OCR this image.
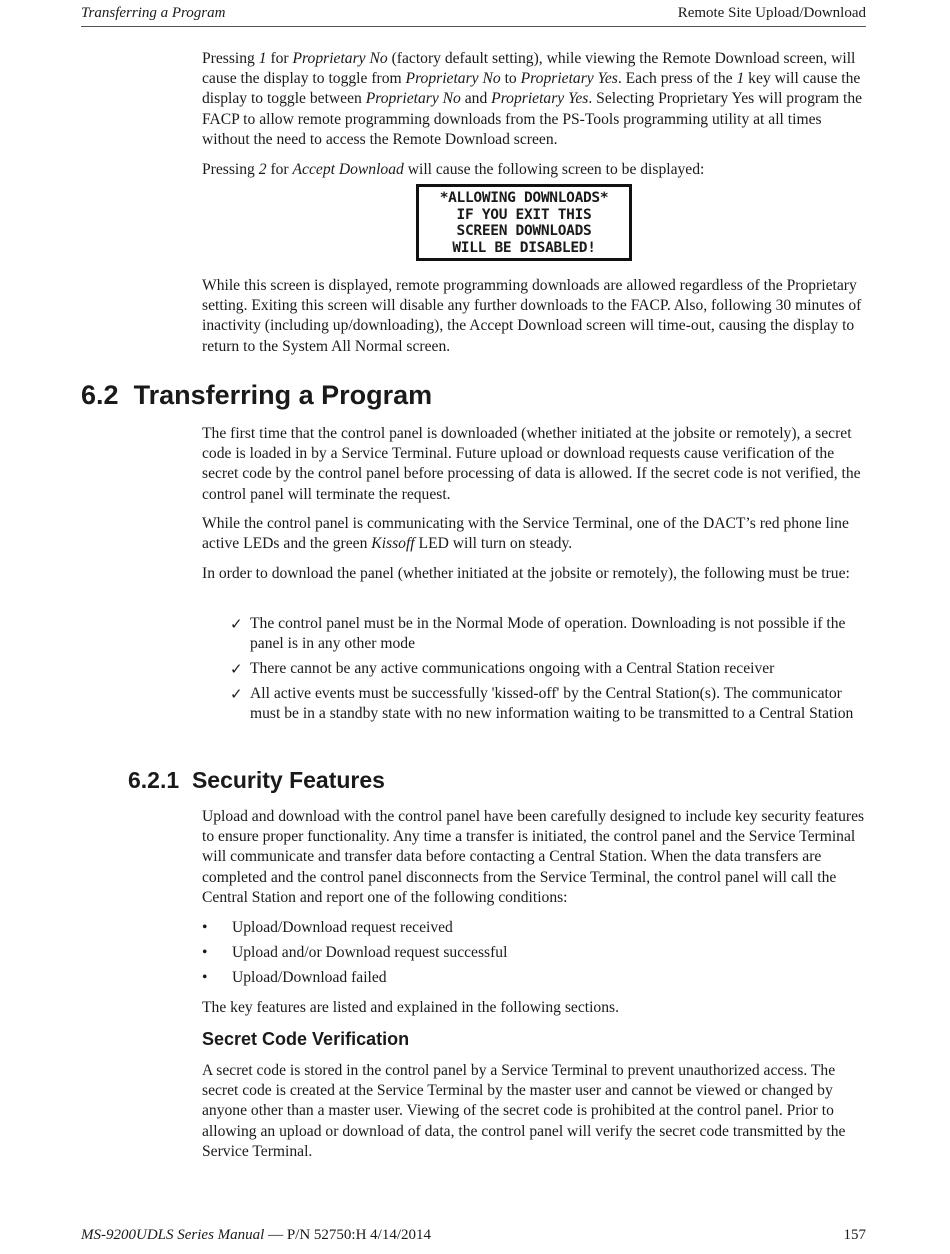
Transferring a Program	Remote Site Upload/Download

Pressing 1 for Proprietary No (factory default setting), while viewing the Remote Download screen, will cause the display to toggle from Proprietary No to Proprietary Yes. Each press of the 1 key will cause the display to toggle between Proprietary No and Proprietary Yes. Selecting Proprietary Yes will program the FACP to allow remote programming downloads from the PS-Tools programming utility at all times without the need to access the Remote Download screen.

Pressing 2 for Accept Download will cause the following screen to be displayed:

*ALLOWING DOWNLOADS*
IF YOU EXIT THIS
SCREEN DOWNLOADS
WILL BE DISABLED!
While this screen is displayed, remote programming downloads are allowed regardless of the Proprietary setting. Exiting this screen will disable any further downloads to the FACP. Also, following 30 minutes of inactivity (including up/downloading), the Accept Download screen will time-out, causing the display to return to the System All Normal screen.
6.2 Transferring a Program
The first time that the control panel is downloaded (whether initiated at the jobsite or remotely), a secret code is loaded in by a Service Terminal. Future upload or download requests cause verification of the secret code by the control panel before processing of data is allowed. If the secret code is not verified, the control panel will terminate the request.

While the control panel is communicating with the Service Terminal, one of the DACT’s red phone line active LEDs and the green Kissoff LED will turn on steady.

In order to download the panel (whether initiated at the jobsite or remotely), the following must be true:
✓ The control panel must be in the Normal Mode of operation. Downloading is not possible if the panel is in any other mode
✓ There cannot be any active communications ongoing with a Central Station receiver
✓ All active events must be successfully 'kissed-off' by the Central Station(s). The communicator must be in a standby state with no new information waiting to be transmitted to a Central Station
6.2.1 Security Features
Upload and download with the control panel have been carefully designed to include key security features to ensure proper functionality. Any time a transfer is initiated, the control panel and the Service Terminal will communicate and transfer data before contacting a Central Station. When the data transfers are completed and the control panel disconnects from the Service Terminal, the control panel will call the Central Station and report one of the following conditions:
• Upload/Download request received
• Upload and/or Download request successful
• Upload/Download failed
The key features are listed and explained in the following sections.
Secret Code Verification
A secret code is stored in the control panel by a Service Terminal to prevent unauthorized access. The secret code is created at the Service Terminal by the master user and cannot be viewed or changed by anyone other than a master user. Viewing of the secret code is prohibited at the control panel. Prior to allowing an upload or download of data, the control panel will verify the secret code transmitted by the Service Terminal.
MS-9200UDLS Series Manual — P/N 52750:H 4/14/2014	157
